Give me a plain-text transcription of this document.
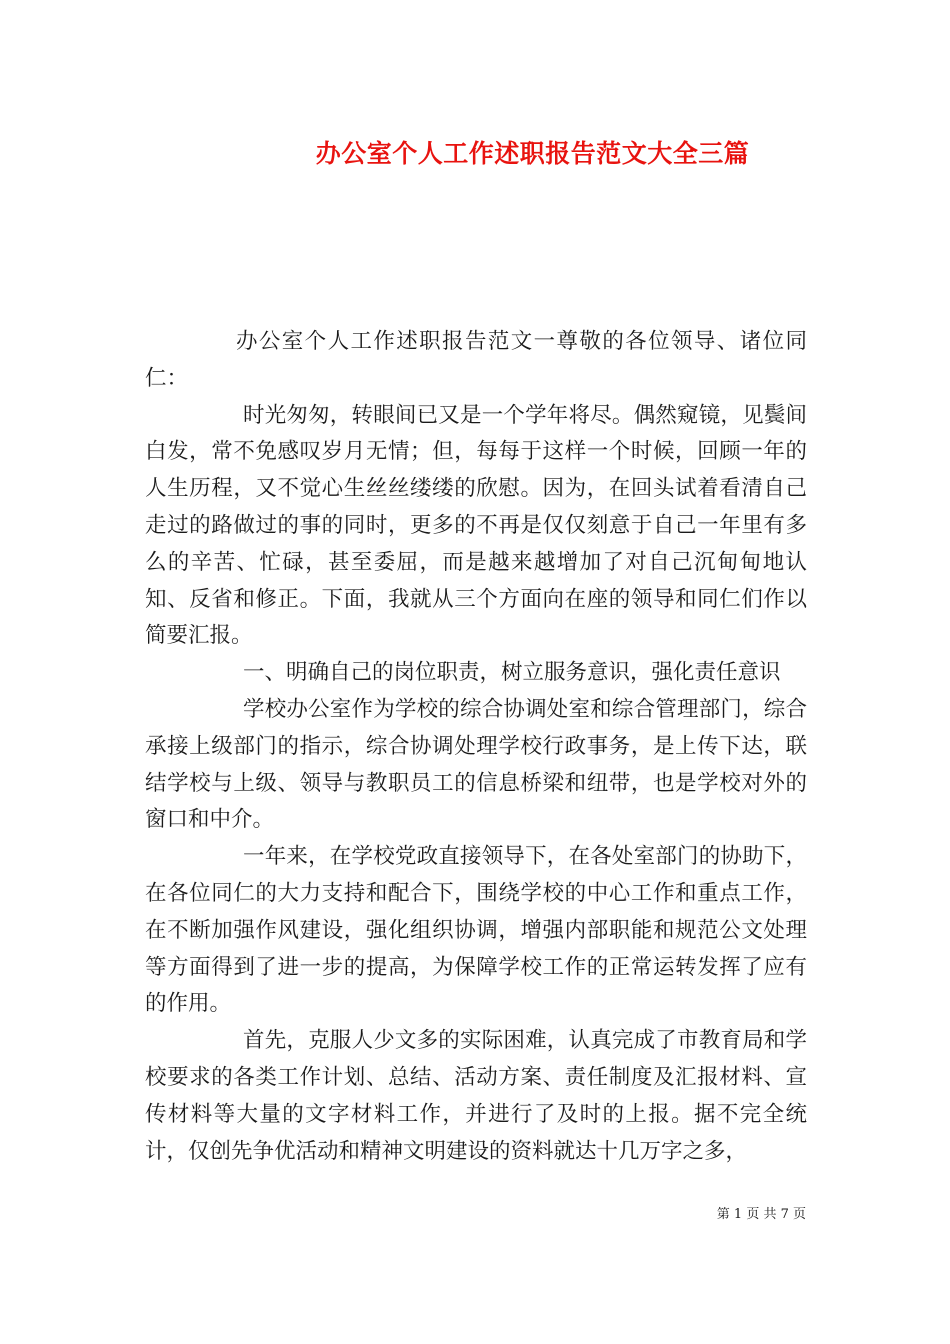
办公室个人工作述职报告范文大全三篇

办公室个人工作述职报告范文一尊敬的各位领导、诸位同仁：

时光匆匆，转眼间已又是一个学年将尽。偶然窥镜，见鬓间白发，常不免感叹岁月无情；但，每每于这样一个时候，回顾一年的人生历程，又不觉心生丝丝缕缕的欣慰。因为，在回头试着看清自己走过的路做过的事的同时，更多的不再是仅仅刻意于自己一年里有多么的辛苦、忙碌，甚至委屈，而是越来越增加了对自己沉甸甸地认知、反省和修正。下面，我就从三个方面向在座的领导和同仁们作以简要汇报。

一、明确自己的岗位职责，树立服务意识，强化责任意识

学校办公室作为学校的综合协调处室和综合管理部门，综合承接上级部门的指示，综合协调处理学校行政事务，是上传下达，联结学校与上级、领导与教职员工的信息桥梁和纽带，也是学校对外的窗口和中介。

一年来，在学校党政直接领导下，在各处室部门的协助下，在各位同仁的大力支持和配合下，围绕学校的中心工作和重点工作，在不断加强作风建设，强化组织协调，增强内部职能和规范公文处理等方面得到了进一步的提高，为保障学校工作的正常运转发挥了应有的作用。

首先，克服人少文多的实际困难，认真完成了市教育局和学校要求的各类工作计划、总结、活动方案、责任制度及汇报材料、宣传材料等大量的文字材料工作，并进行了及时的上报。据不完全统计，仅创先争优活动和精神文明建设的资料就达十几万字之多，

第 1 页 共 7 页
